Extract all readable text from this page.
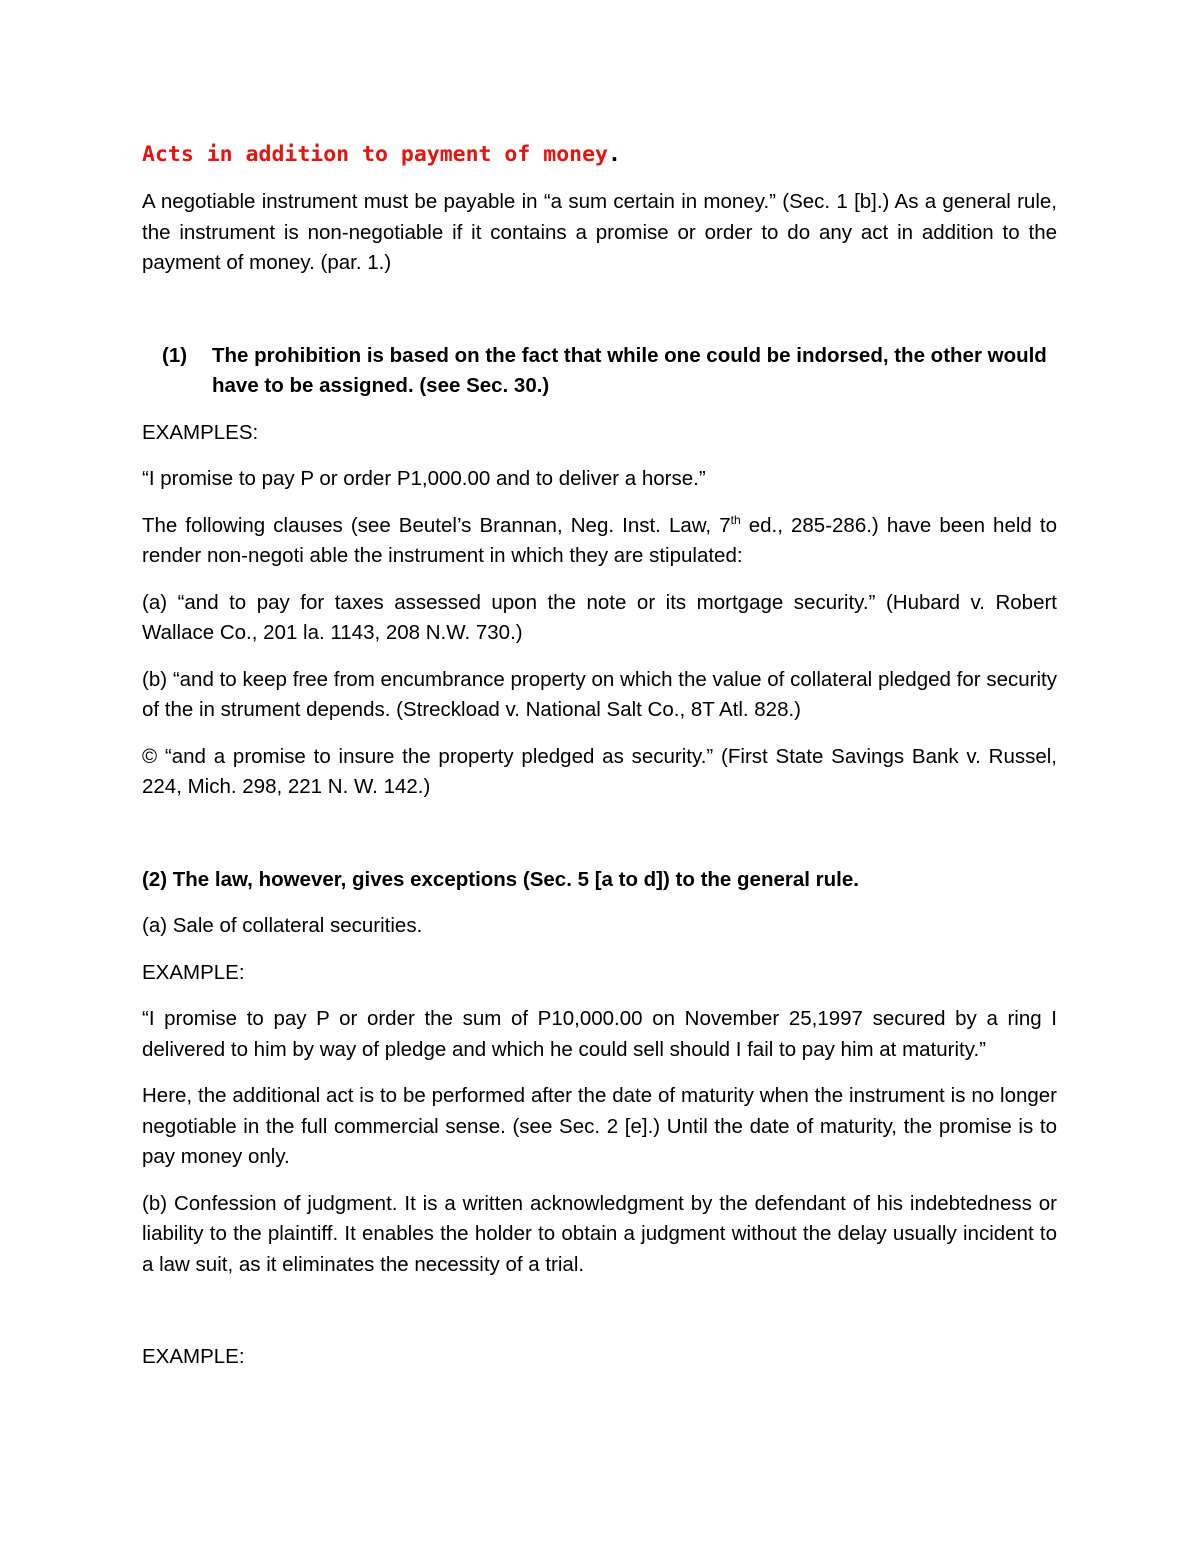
Acts in addition to payment of money.

A negotiable instrument must be payable in “a sum certain in money.” (Sec. 1 [b].) As a general rule, the instrument is non-negotiable if it contains a promise or order to do any act in addition to the payment of money. (par. 1.)

(1)	The prohibition is based on the fact that while one could be indorsed, the other would have to be assigned. (see Sec. 30.)

EXAMPLES:

“I promise to pay P or order P1,000.00 and to deliver a horse.”

The following clauses (see Beutel’s Brannan, Neg. Inst. Law, 7th ed., 285-286.) have been held to render non-negoti able the instrument in which they are stipulated:

(a) “and to pay for taxes assessed upon the note or its mortgage security.” (Hubard v. Robert Wallace Co., 201 la. 1143, 208 N.W. 730.)

(b) “and to keep free from encumbrance property on which the value of collateral pledged for security of the in strument depends. (Streckload v. National Salt Co., 8T Atl. 828.)

© “and a promise to insure the property pledged as security.” (First State Savings Bank v. Russel, 224, Mich. 298, 221 N. W. 142.)

(2) The law, however, gives exceptions (Sec. 5 [a to d]) to the general rule.

(a) Sale of collateral securities.

EXAMPLE:

“I promise to pay P or order the sum of P10,000.00 on November 25,1997 secured by a ring I delivered to him by way of pledge and which he could sell should I fail to pay him at maturity.”

Here, the additional act is to be performed after the date of maturity when the instrument is no longer negotiable in the full commercial sense. (see Sec. 2 [e].) Until the date of maturity, the promise is to pay money only.

(b) Confession of judgment. It is a written acknowledgment by the defendant of his indebtedness or liability to the plaintiff. It enables the holder to obtain a judgment without the delay usually incident to a law suit, as it eliminates the necessity of a trial.

EXAMPLE:
